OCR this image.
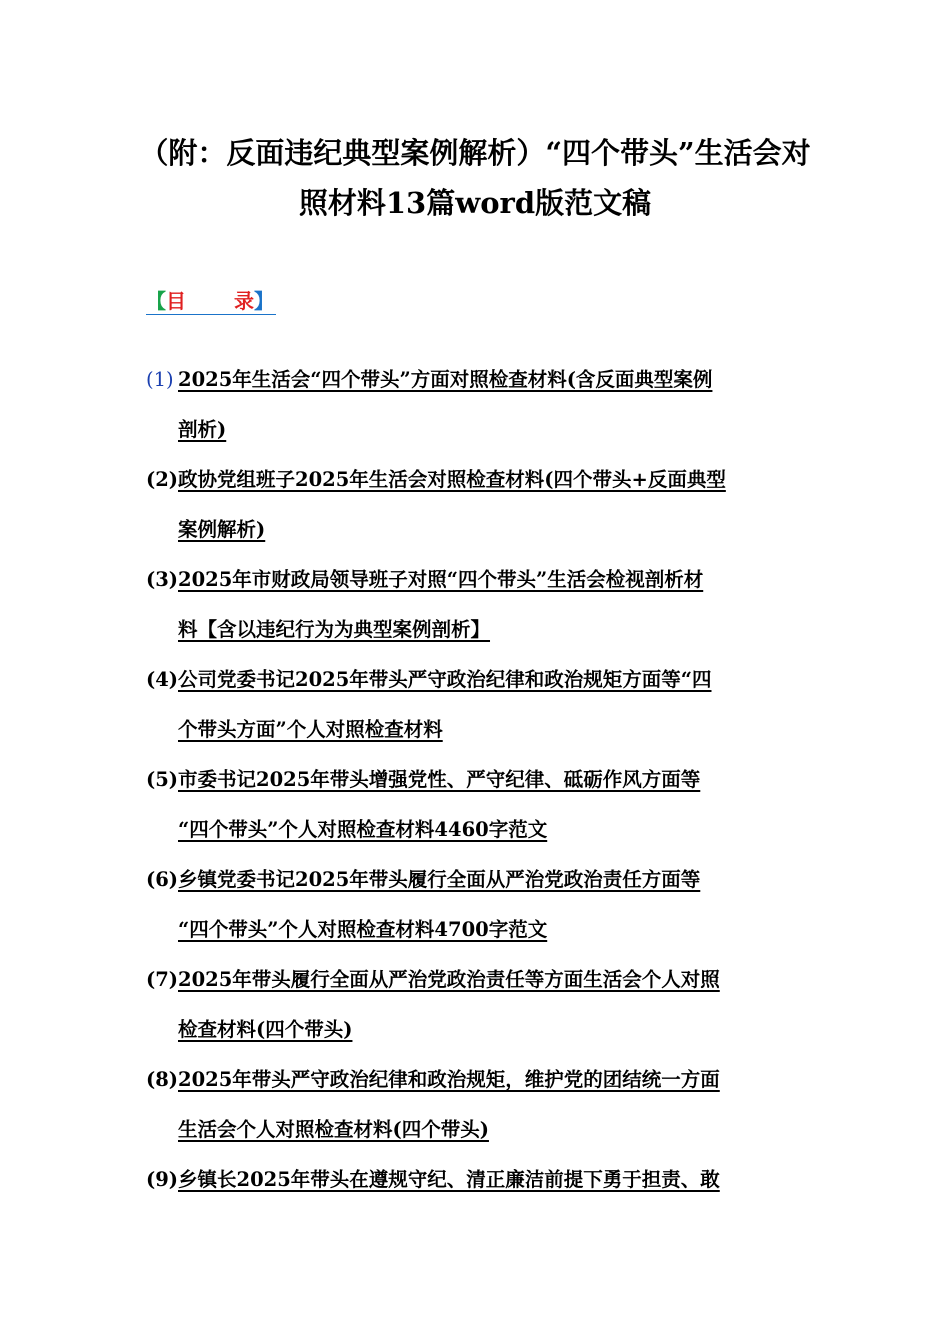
（附：反面违纪典型案例解析）“四个带头”生活会对
照材料13篇word版范文稿
【目 录】
(1) 2025年生活会“四个带头”方面对照检查材料(含反面典型案例
剖析)
(2) 政协党组班子2025年生活会对照检查材料(四个带头+反面典型
案例解析)
(3) 2025年市财政局领导班子对照“四个带头”生活会检视剖析材
料【含以违纪行为为典型案例剖析】
(4) 公司党委书记2025年带头严守政治纪律和政治规矩方面等“四
个带头方面”个人对照检查材料
(5) 市委书记2025年带头增强党性、严守纪律、砥砺作风方面等
“四个带头”个人对照检查材料4460字范文
(6) 乡镇党委书记2025年带头履行全面从严治党政治责任方面等
“四个带头”个人对照检查材料4700字范文
(7) 2025年带头履行全面从严治党政治责任等方面生活会个人对照
检查材料(四个带头)
(8) 2025年带头严守政治纪律和政治规矩，维护党的团结统一方面
生活会个人对照检查材料(四个带头)
(9) 乡镇长2025年带头在遵规守纪、清正廉洁前提下勇于担责、敢
